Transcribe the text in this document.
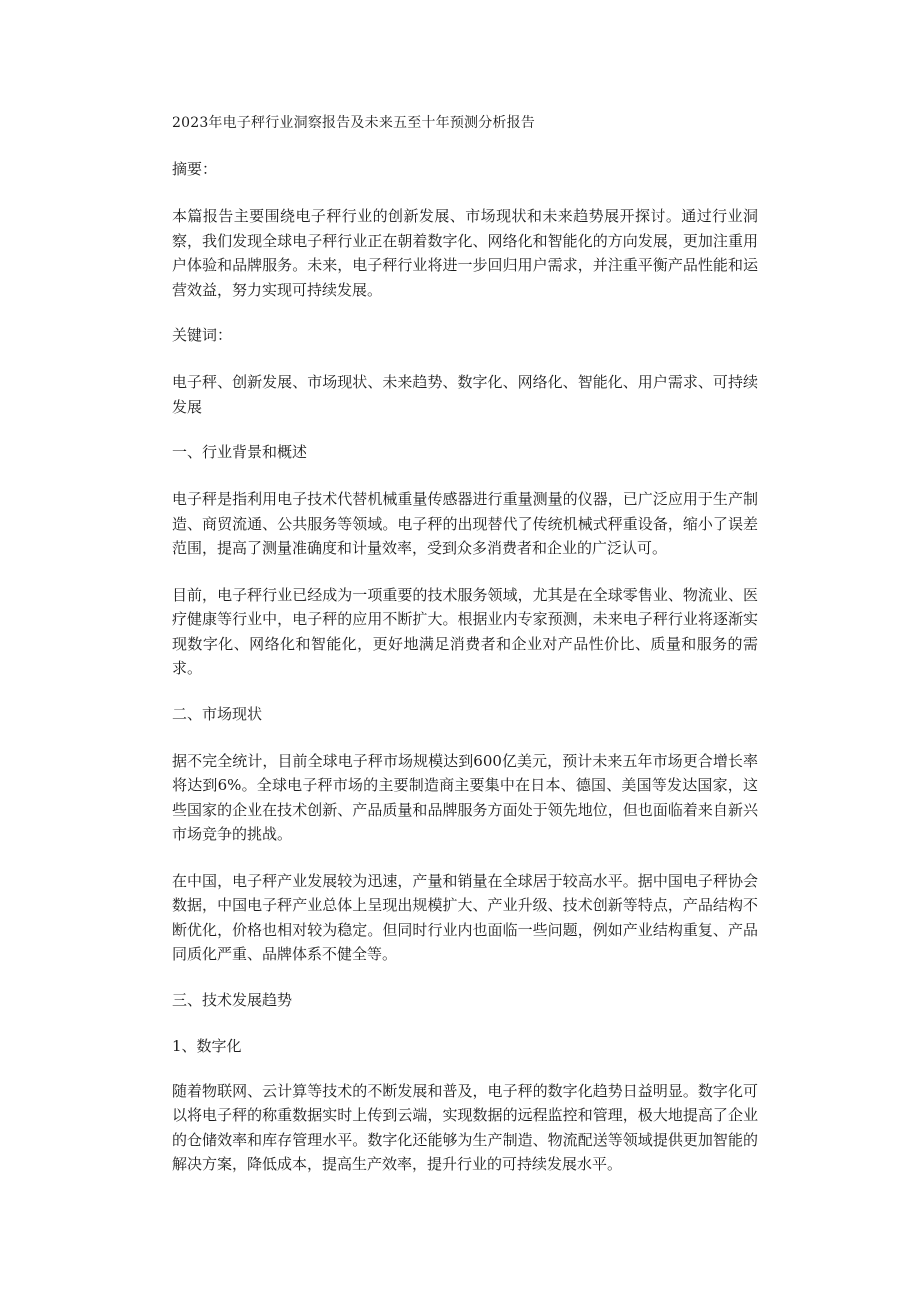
2023年电子秤行业洞察报告及未来五至十年预测分析报告
摘要：

本篇报告主要围绕电子秤行业的创新发展、市场现状和未来趋势展开探讨。通过行业洞察，我们发现全球电子秤行业正在朝着数字化、网络化和智能化的方向发展，更加注重用户体验和品牌服务。未来，电子秤行业将进一步回归用户需求，并注重平衡产品性能和运营效益，努力实现可持续发展。

关键词：

电子秤、创新发展、市场现状、未来趋势、数字化、网络化、智能化、用户需求、可持续发展

一、行业背景和概述

电子秤是指利用电子技术代替机械重量传感器进行重量测量的仪器，已广泛应用于生产制造、商贸流通、公共服务等领域。电子秤的出现替代了传统机械式秤重设备，缩小了误差范围，提高了测量准确度和计量效率，受到众多消费者和企业的广泛认可。

目前，电子秤行业已经成为一项重要的技术服务领域，尤其是在全球零售业、物流业、医疗健康等行业中，电子秤的应用不断扩大。根据业内专家预测，未来电子秤行业将逐渐实现数字化、网络化和智能化，更好地满足消费者和企业对产品性价比、质量和服务的需求。

二、市场现状

据不完全统计，目前全球电子秤市场规模达到600亿美元，预计未来五年市场更合增长率将达到6%。全球电子秤市场的主要制造商主要集中在日本、德国、美国等发达国家，这些国家的企业在技术创新、产品质量和品牌服务方面处于领先地位，但也面临着来自新兴市场竞争的挑战。

在中国，电子秤产业发展较为迅速，产量和销量在全球居于较高水平。据中国电子秤协会数据，中国电子秤产业总体上呈现出规模扩大、产业升级、技术创新等特点，产品结构不断优化，价格也相对较为稳定。但同时行业内也面临一些问题，例如产业结构重复、产品同质化严重、品牌体系不健全等。

三、技术发展趋势
1、数字化

随着物联网、云计算等技术的不断发展和普及，电子秤的数字化趋势日益明显。数字化可以将电子秤的称重数据实时上传到云端，实现数据的远程监控和管理，极大地提高了企业的仓储效率和库存管理水平。数字化还能够为生产制造、物流配送等领域提供更加智能的解决方案，降低成本，提高生产效率，提升行业的可持续发展水平。
